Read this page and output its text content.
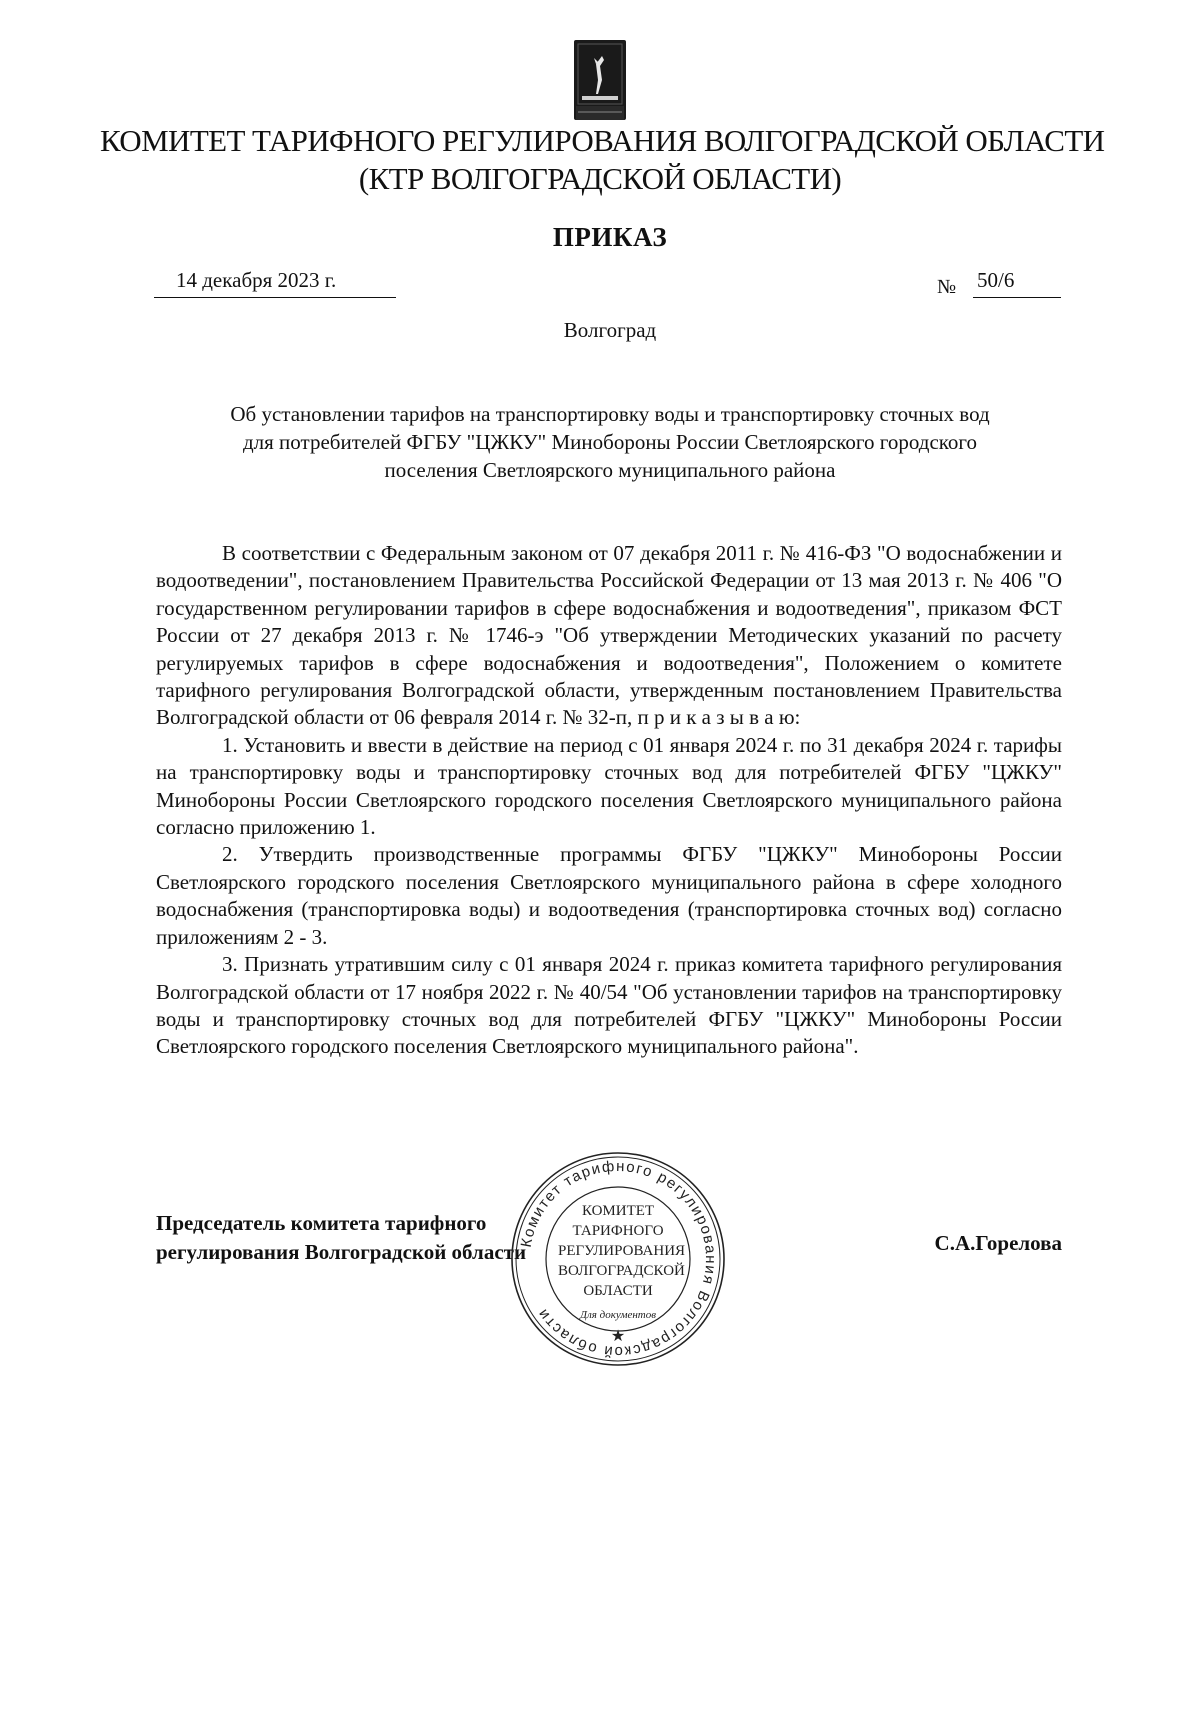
КОМИТЕТ ТАРИФНОГО РЕГУЛИРОВАНИЯ ВОЛГОГРАДСКОЙ ОБЛАСТИ
(КТР ВОЛГОГРАДСКОЙ ОБЛАСТИ)
ПРИКАЗ
14 декабря 2023 г.	№ 50/6
Волгоград
Об установлении тарифов на транспортировку воды и транспортировку сточных вод
для потребителей ФГБУ "ЦЖКУ" Минобороны России Светлоярского городского
поселения Светлоярского муниципального района

В соответствии с Федеральным законом от 07 декабря 2011 г. № 416-ФЗ "О водоснабжении и водоотведении", постановлением Правительства Российской Федерации от 13 мая 2013 г. № 406 "О государственном регулировании тарифов в сфере водоснабжения и водоотведения", приказом ФСТ России от 27 декабря 2013 г. № 1746-э "Об утверждении Методических указаний по расчету регулируемых тарифов в сфере водоснабжения и водоотведения", Положением о комитете тарифного регулирования Волгоградской области, утвержденным постановлением Правительства Волгоградской области от 06 февраля 2014 г. № 32-п, п р и к а з ы в а ю:

1. Установить и ввести в действие на период с 01 января 2024 г. по 31 декабря 2024 г. тарифы на транспортировку воды и транспортировку сточных вод для потребителей ФГБУ "ЦЖКУ" Минобороны России Светлоярского городского поселения Светлоярского муниципального района согласно приложению 1.

2. Утвердить производственные программы ФГБУ "ЦЖКУ" Минобороны России Светлоярского городского поселения Светлоярского муниципального района в сфере холодного водоснабжения (транспортировка воды) и водоотведения (транспортировка сточных вод) согласно приложениям 2 - 3.

3. Признать утратившим силу с 01 января 2024 г. приказ комитета тарифного регулирования Волгоградской области от 17 ноября 2022 г. № 40/54 "Об установлении тарифов на транспортировку воды и транспортировку сточных вод для потребителей ФГБУ "ЦЖКУ" Минобороны России Светлоярского городского поселения Светлоярского муниципального района".

Председатель комитета тарифного
регулирования Волгоградской области	С.А.Горелова
Комитет тарифного регулирования Волгоградской области
★
КОМИТЕТ
ТАРИФНОГО
РЕГУЛИРОВАНИЯ
ВОЛГОГРАДСКОЙ
ОБЛАСТИ
Для документов
